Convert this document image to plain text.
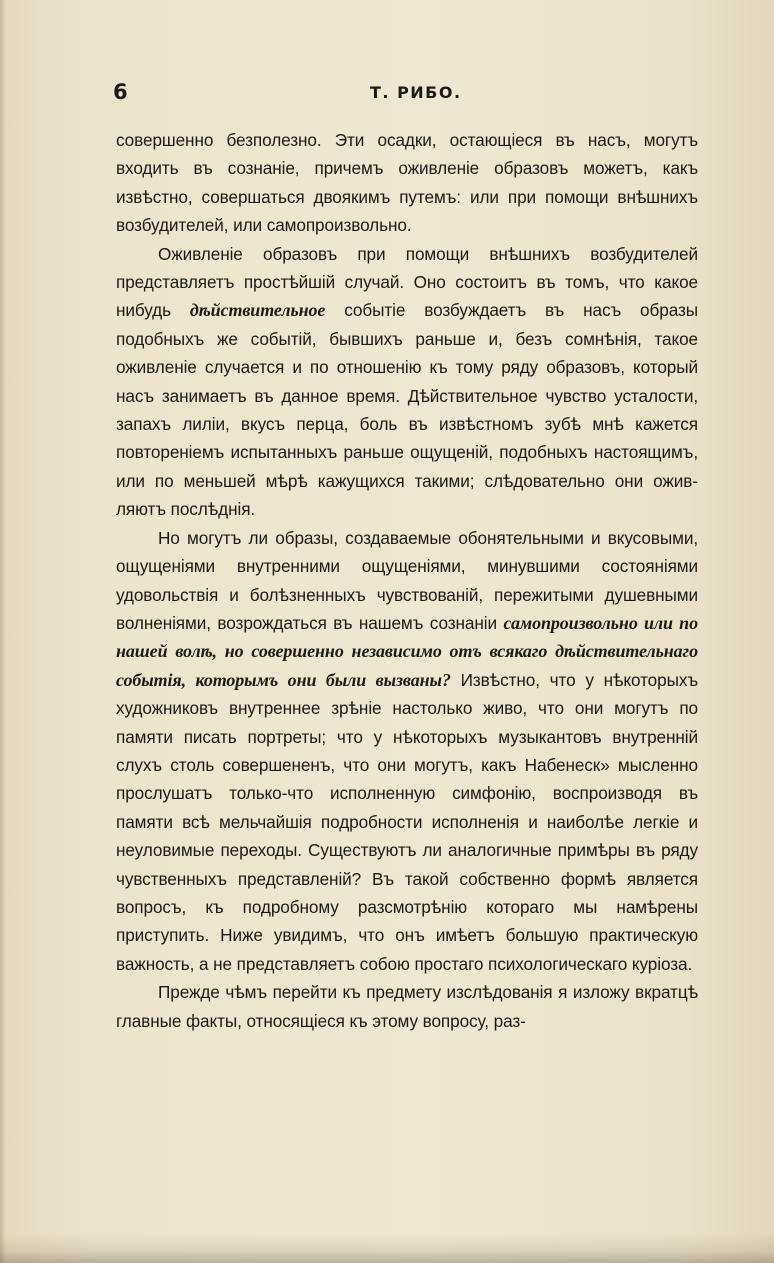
6	Т. РИБО.

совершенно безполезно. Эти осадки, остающіеся въ насъ, могутъ входить въ сознаніе, причемъ оживленіе образовъ можетъ, какъ извѣстно, совершаться двоякимъ путемъ: или при помощи внѣшнихъ возбудителей, или самопроизвольно.

Оживленіе образовъ при помощи внѣшнихъ возбудителей представляетъ простѣйшій случай. Оно состоитъ въ томъ, что какое нибудь дѣйствительное событіе возбуждаетъ въ насъ образы подобныхъ же событій, бывшихъ раньше и, безъ сомнѣнія, такое оживленіе случается и по отношенію къ тому ряду образовъ, который насъ занимаетъ въ данное время. Дѣйствительное чувство усталости, запахъ лиліи, вкусъ перца, боль въ извѣстномъ зубѣ мнѣ кажется повтореніемъ испытанныхъ раньше ощущеній, подобныхъ настоящимъ, или по меньшей мѣрѣ кажущихся такими; слѣдовательно они оживляютъ послѣднія.

Но могутъ ли образы, создаваемые обонятельными и вкусовыми, ощущеніями внутренними ощущеніями, минувшими состояніями удовольствія и болѣзненныхъ чувствованій, пережитыми душевными волненіями, возрождаться въ нашемъ сознаніи самопроизвольно или по нашей волѣ, но совершенно независимо отъ всякаго дѣйствительнаго событія, которымъ они были вызваны? Извѣстно, что у нѣкоторыхъ художниковъ внутреннее зрѣніе настолько живо, что они могутъ по памяти писать портреты; что у нѣкоторыхъ музыкантовъ внутренній слухъ столь совершененъ, что они могутъ, какъ Набенеск» мысленно прослушатъ только-что исполненную симфонію, воспроизводя въ памяти всѣ мельчайшія подробности исполненія и наиболѣе легкіе и неуловимые переходы. Существуютъ ли аналогичные примѣры въ ряду чувственныхъ представленій? Въ такой собственно формѣ является вопросъ, къ подробному разсмотрѣнію котораго мы намѣрены приступить. Ниже увидимъ, что онъ имѣетъ большую практическую важность, а не представляетъ собою простаго психологическаго куріоза.

Прежде чѣмъ перейти къ предмету изслѣдованія я изложу вкратцѣ главные факты, относящіеся къ этому вопросу, раз-
